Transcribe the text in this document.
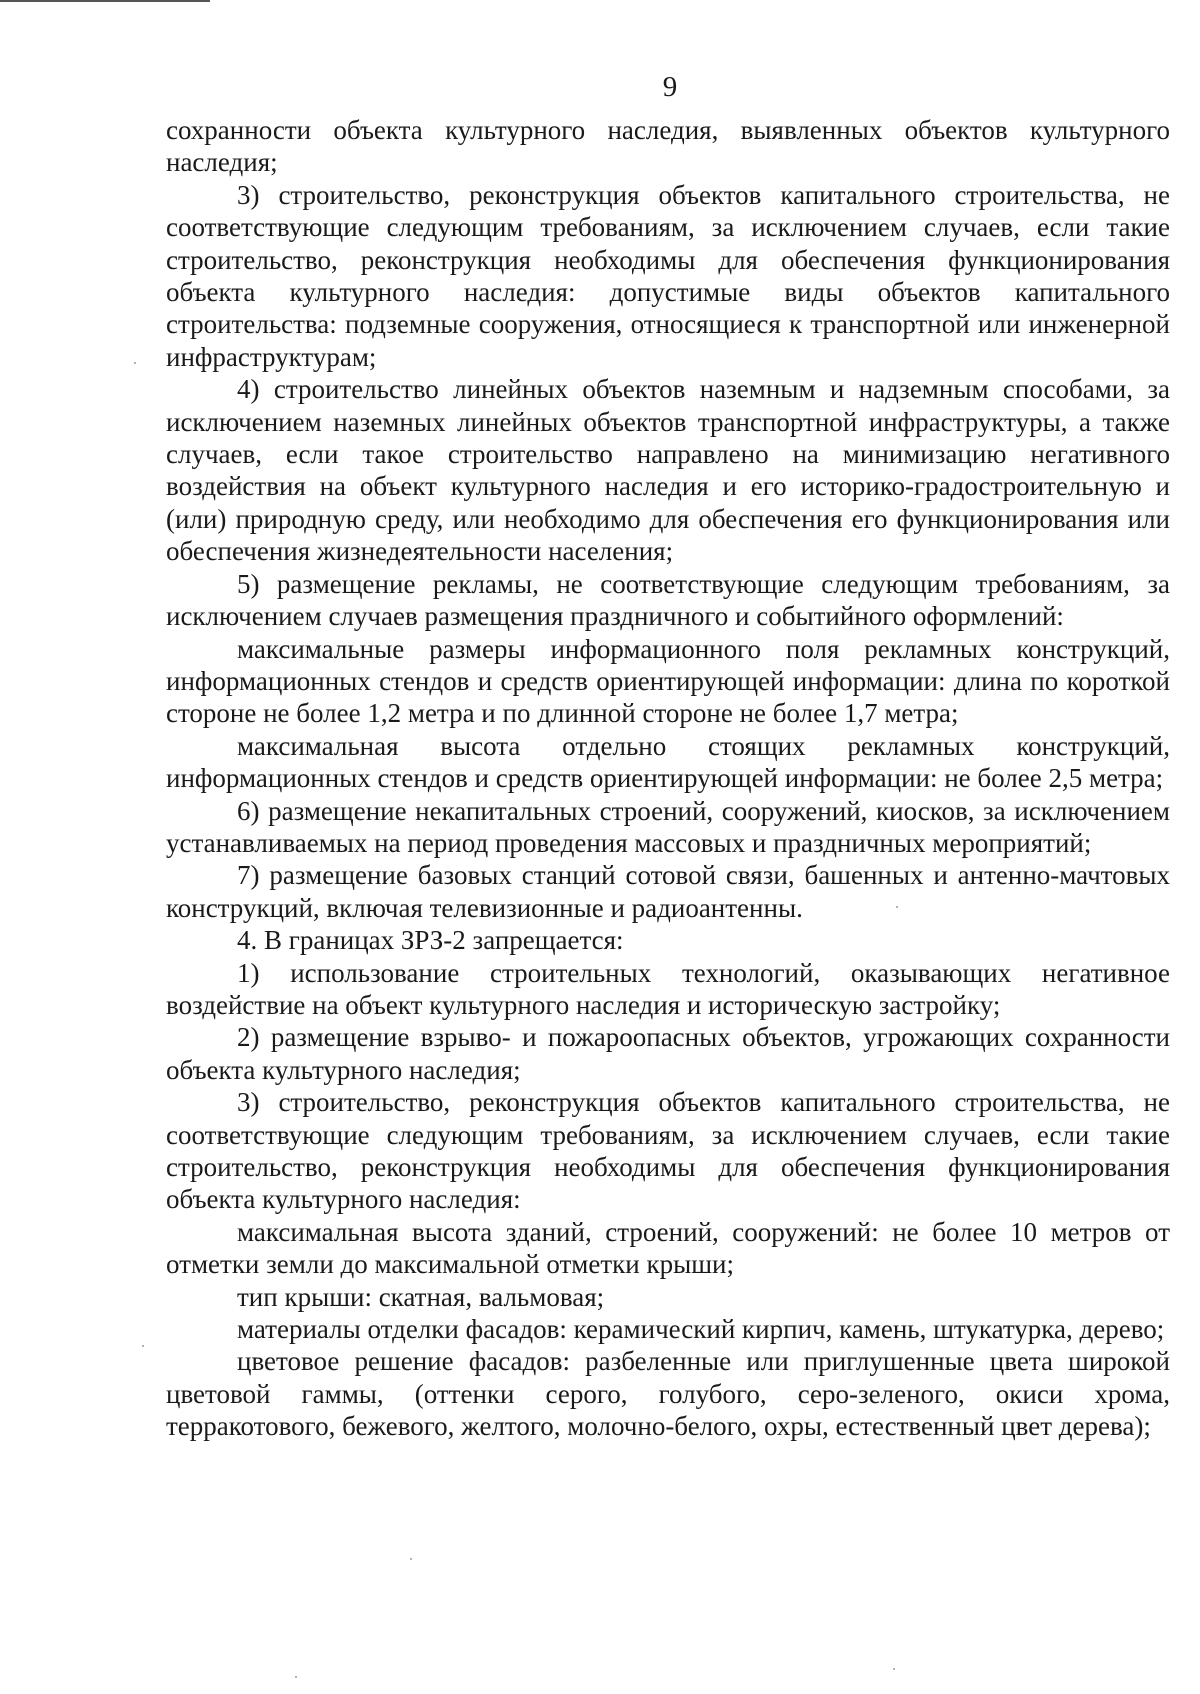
9

сохранности объекта культурного наследия, выявленных объектов культурного наследия;

3) строительство, реконструкция объектов капитального строительства, не соответствующие следующим требованиям, за исключением случаев, если такие строительство, реконструкция необходимы для обеспечения функционирования объекта культурного наследия: допустимые виды объектов капитального строительства: подземные сооружения, относящиеся к транспортной или инженерной инфраструктурам;

4) строительство линейных объектов наземным и надземным способами, за исключением наземных линейных объектов транспортной инфраструктуры, а также случаев, если такое строительство направлено на минимизацию негативного воздействия на объект культурного наследия и его историко-градостроительную и (или) природную среду, или необходимо для обеспечения его функционирования или обеспечения жизнедеятельности населения;

5) размещение рекламы, не соответствующие следующим требованиям, за исключением случаев размещения праздничного и событийного оформлений:

максимальные размеры информационного поля рекламных конструкций, информационных стендов и средств ориентирующей информации: длина по короткой стороне не более 1,2 метра и по длинной стороне не более 1,7 метра;

максимальная высота отдельно стоящих рекламных конструкций, информационных стендов и средств ориентирующей информации: не более 2,5 метра;

6) размещение некапитальных строений, сооружений, киосков, за исключением устанавливаемых на период проведения массовых и праздничных мероприятий;

7) размещение базовых станций сотовой связи, башенных и антенно-мачтовых конструкций, включая телевизионные и радиоантенны.

4. В границах ЗРЗ-2 запрещается:

1) использование строительных технологий, оказывающих негативное воздействие на объект культурного наследия и историческую застройку;

2) размещение взрыво- и пожароопасных объектов, угрожающих сохранности объекта культурного наследия;

3) строительство, реконструкция объектов капитального строительства, не соответствующие следующим требованиям, за исключением случаев, если такие строительство, реконструкция необходимы для обеспечения функционирования объекта культурного наследия:

максимальная высота зданий, строений, сооружений: не более 10 метров от отметки земли до максимальной отметки крыши;

тип крыши: скатная, вальмовая;

материалы отделки фасадов: керамический кирпич, камень, штукатурка, дерево;

цветовое решение фасадов: разбеленные или приглушенные цвета широкой цветовой гаммы, (оттенки серого, голубого, серо-зеленого, окиси хрома, терракотового, бежевого, желтого, молочно-белого, охры, естественный цвет дерева);
